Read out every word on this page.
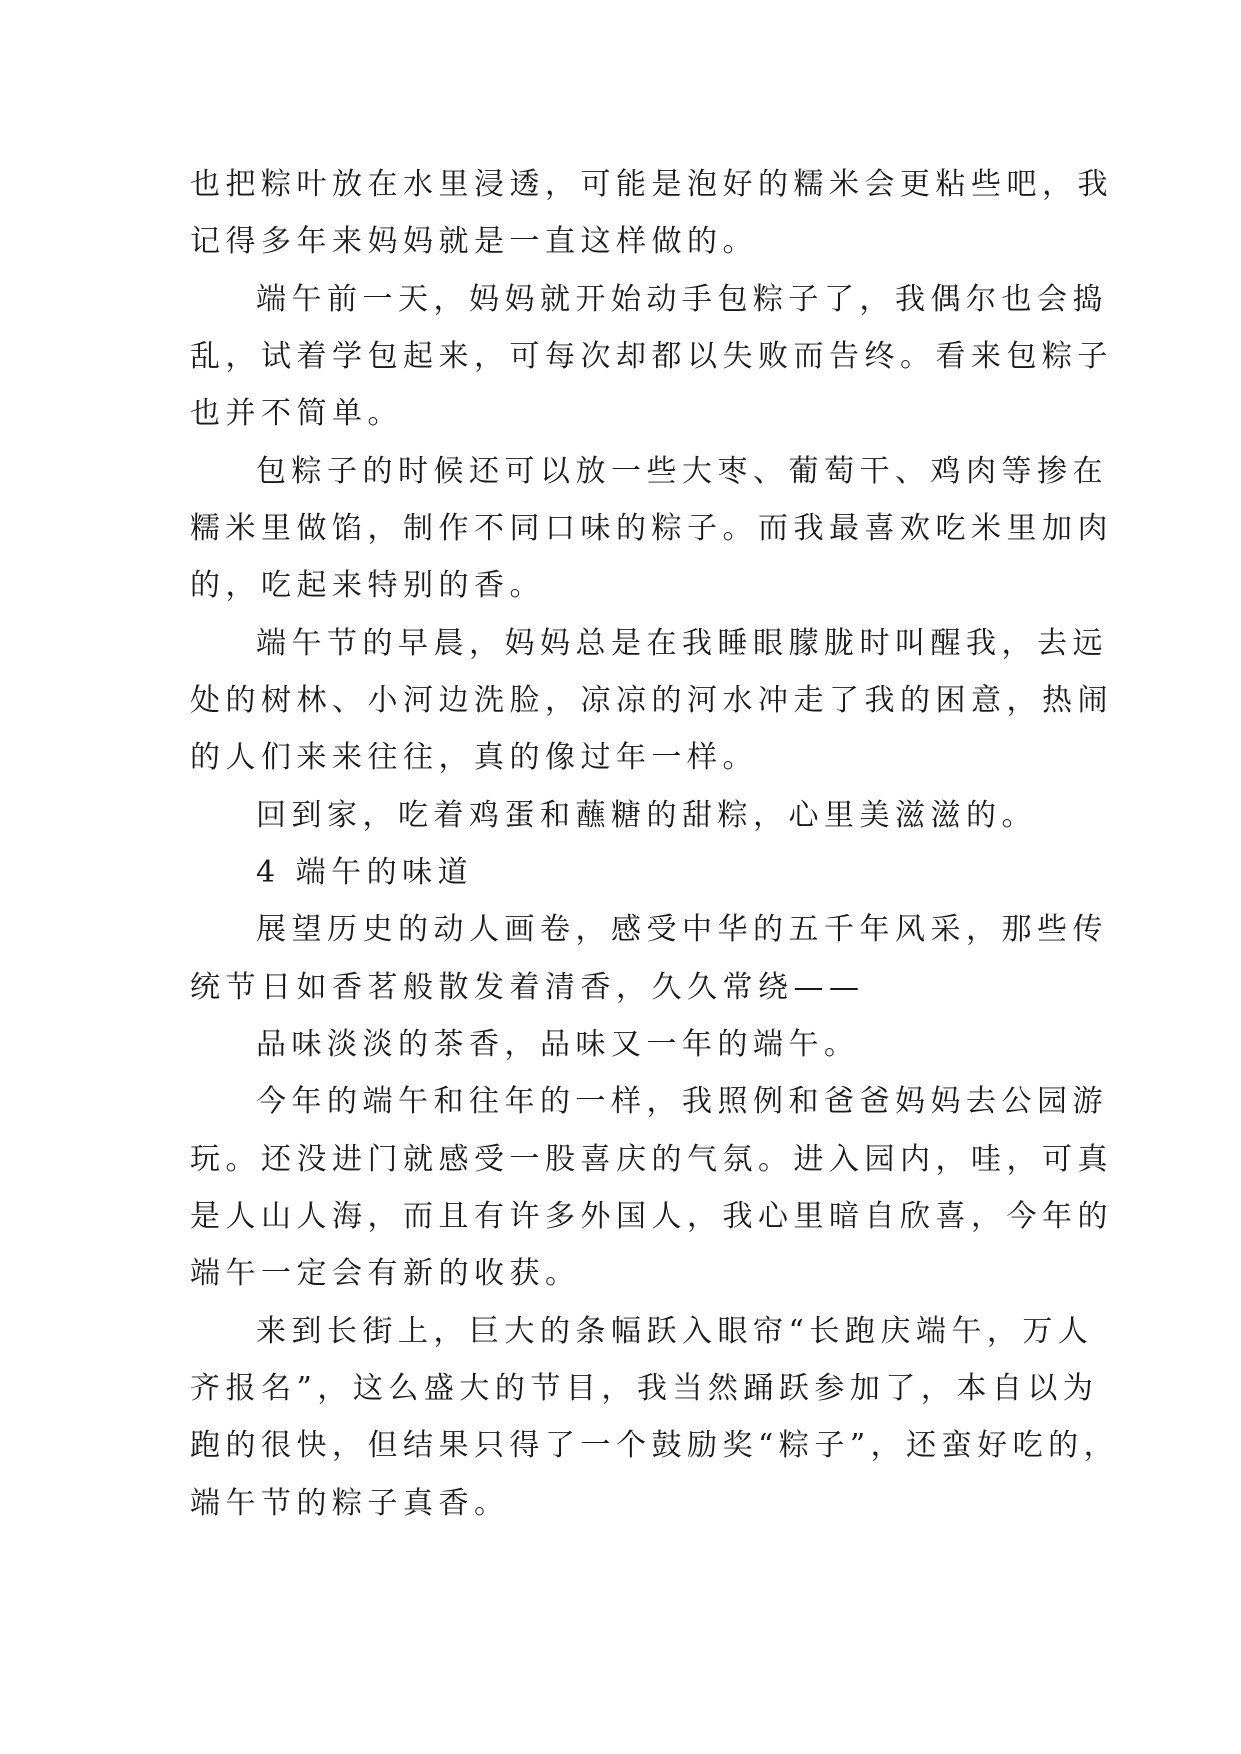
也把粽叶放在水里浸透，可能是泡好的糯米会更粘些吧，我
记得多年来妈妈就是一直这样做的。
端午前一天，妈妈就开始动手包粽子了，我偶尔也会捣
乱，试着学包起来，可每次却都以失败而告终。看来包粽子
也并不简单。
包粽子的时候还可以放一些大枣、葡萄干、鸡肉等掺在
糯米里做馅，制作不同口味的粽子。而我最喜欢吃米里加肉
的，吃起来特别的香。
端午节的早晨，妈妈总是在我睡眼朦胧时叫醒我，去远
处的树林、小河边洗脸，凉凉的河水冲走了我的困意，热闹
的人们来来往往，真的像过年一样。
回到家，吃着鸡蛋和蘸糖的甜粽，心里美滋滋的。
4 端午的味道
展望历史的动人画卷，感受中华的五千年风采，那些传
统节日如香茗般散发着清香，久久常绕——
品味淡淡的茶香，品味又一年的端午。
今年的端午和往年的一样，我照例和爸爸妈妈去公园游
玩。还没进门就感受一股喜庆的气氛。进入园内，哇，可真
是人山人海，而且有许多外国人，我心里暗自欣喜，今年的
端午一定会有新的收获。
来到长街上，巨大的条幅跃入眼帘“长跑庆端午，万人
齐报名”，这么盛大的节目，我当然踊跃参加了，本自以为
跑的很快，但结果只得了一个鼓励奖“粽子”，还蛮好吃的，
端午节的粽子真香。
